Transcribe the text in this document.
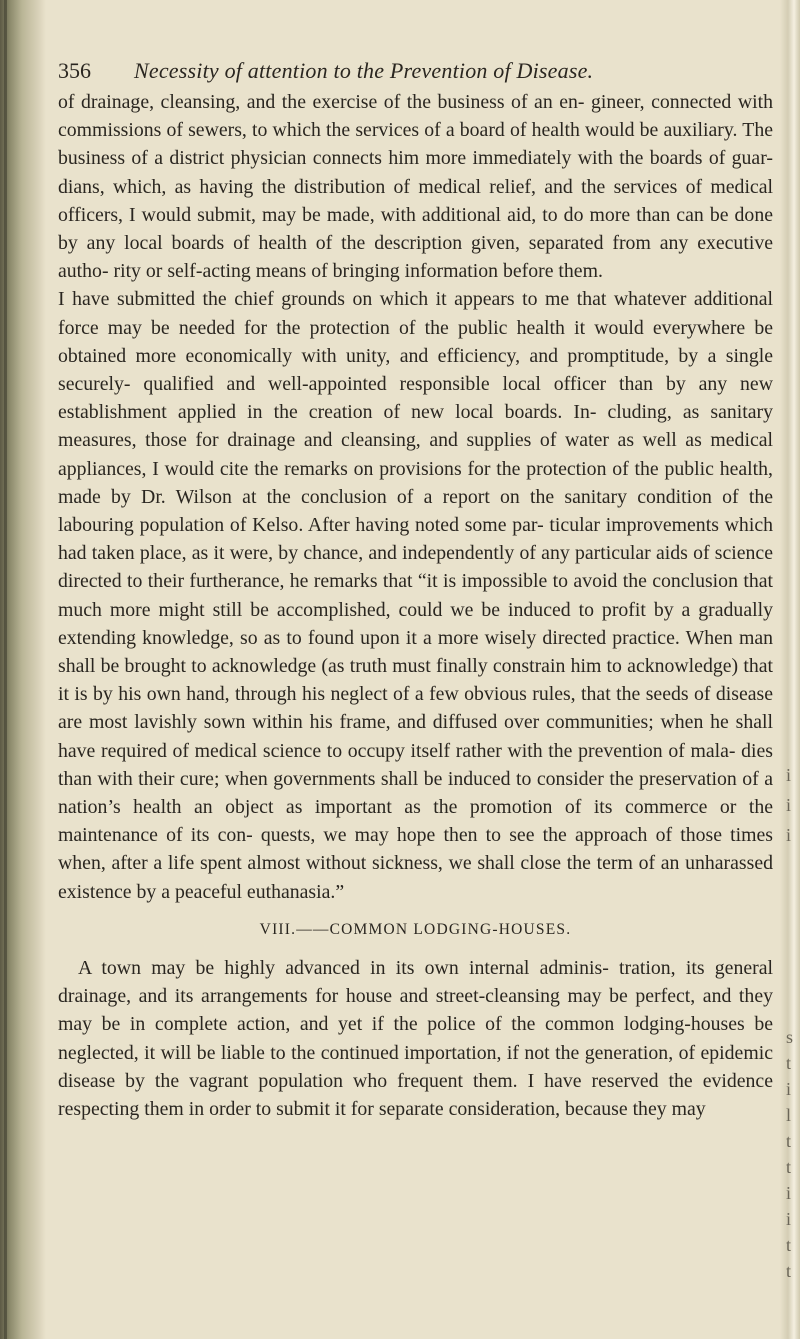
i
i
i
s
t
i
l
t
t
i
i
t
t
356 Necessity of attention to the Prevention of Disease.

of drainage, cleansing, and the exercise of the business of an en- gineer, connected with commissions of sewers, to which the services of a board of health would be auxiliary. The business of a district physician connects him more immediately with the boards of guar- dians, which, as having the distribution of medical relief, and the services of medical officers, I would submit, may be made, with additional aid, to do more than can be done by any local boards of health of the description given, separated from any executive autho- rity or self-acting means of bringing information before them.

I have submitted the chief grounds on which it appears to me that whatever additional force may be needed for the protection of the public health it would everywhere be obtained more economically with unity, and efficiency, and promptitude, by a single securely- qualified and well-appointed responsible local officer than by any new establishment applied in the creation of new local boards. In- cluding, as sanitary measures, those for drainage and cleansing, and supplies of water as well as medical appliances, I would cite the remarks on provisions for the protection of the public health, made by Dr. Wilson at the conclusion of a report on the sanitary condition of the labouring population of Kelso. After having noted some par- ticular improvements which had taken place, as it were, by chance, and independently of any particular aids of science directed to their furtherance, he remarks that “it is impossible to avoid the conclusion that much more might still be accomplished, could we be induced to profit by a gradually extending knowledge, so as to found upon it a more wisely directed practice. When man shall be brought to acknowledge (as truth must finally constrain him to acknowledge) that it is by his own hand, through his neglect of a few obvious rules, that the seeds of disease are most lavishly sown within his frame, and diffused over communities; when he shall have required of medical science to occupy itself rather with the prevention of mala- dies than with their cure; when governments shall be induced to consider the preservation of a nation’s health an object as important as the promotion of its commerce or the maintenance of its con- quests, we may hope then to see the approach of those times when, after a life spent almost without sickness, we shall close the term of an unharassed existence by a peaceful euthanasia.”

VIII.——COMMON LODGING-HOUSES.

A town may be highly advanced in its own internal adminis- tration, its general drainage, and its arrangements for house and street-cleansing may be perfect, and they may be in complete action, and yet if the police of the common lodging-houses be neglected, it will be liable to the continued importation, if not the generation, of epidemic disease by the vagrant population who frequent them. I have reserved the evidence respecting them in order to submit it for separate consideration, because they may
